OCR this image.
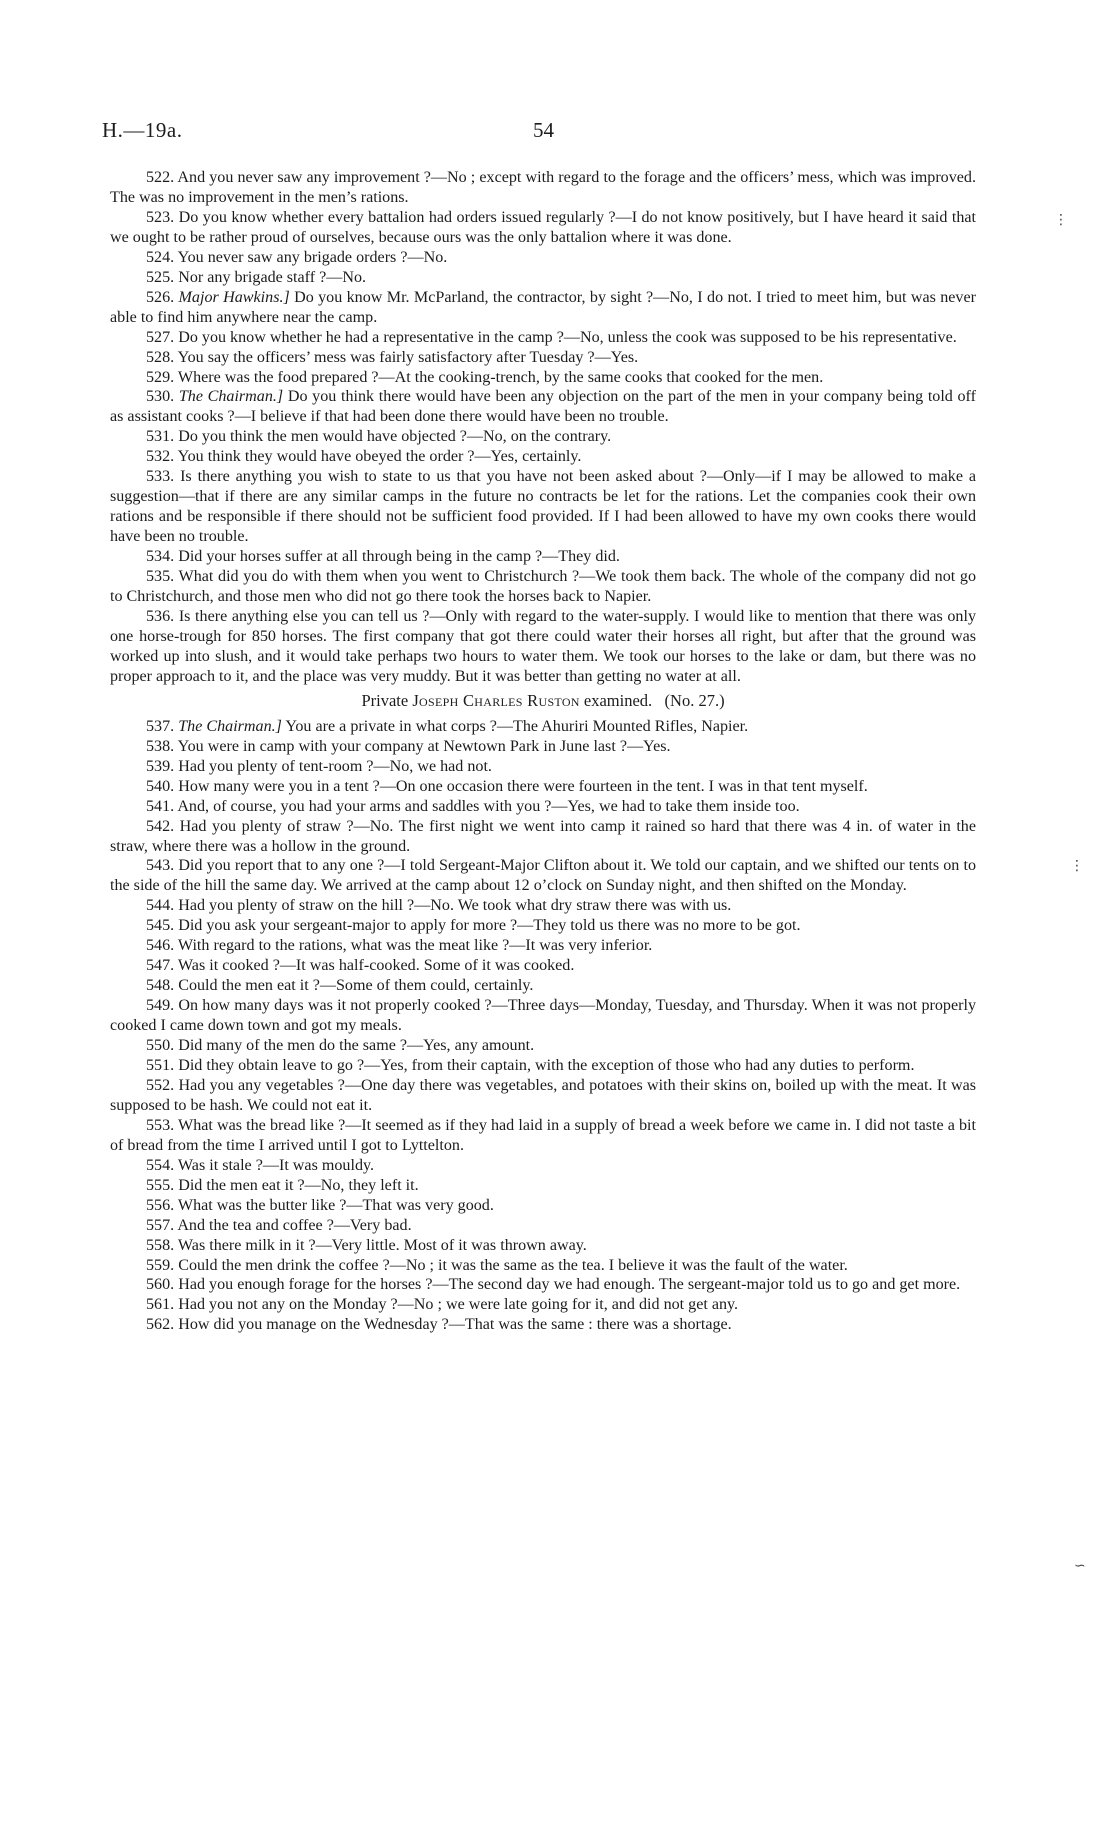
H.—19a.	54

522. And you never saw any improvement ?—No ; except with regard to the forage and the officers’ mess, which was improved. The was no improvement in the men’s rations.

523. Do you know whether every battalion had orders issued regularly ?—I do not know positively, but I have heard it said that we ought to be rather proud of ourselves, because ours was the only battalion where it was done.

524. You never saw any brigade orders ?—No.

525. Nor any brigade staff ?—No.

526. Major Hawkins.] Do you know Mr. McParland, the contractor, by sight ?—No, I do not. I tried to meet him, but was never able to find him anywhere near the camp.

527. Do you know whether he had a representative in the camp ?—No, unless the cook was supposed to be his representative.

528. You say the officers’ mess was fairly satisfactory after Tuesday ?—Yes.

529. Where was the food prepared ?—At the cooking-trench, by the same cooks that cooked for the men.

530. The Chairman.] Do you think there would have been any objection on the part of the men in your company being told off as assistant cooks ?—I believe if that had been done there would have been no trouble.

531. Do you think the men would have objected ?—No, on the contrary.

532. You think they would have obeyed the order ?—Yes, certainly.

533. Is there anything you wish to state to us that you have not been asked about ?—Only—if I may be allowed to make a suggestion—that if there are any similar camps in the future no contracts be let for the rations. Let the companies cook their own rations and be responsible if there should not be sufficient food provided. If I had been allowed to have my own cooks there would have been no trouble.

534. Did your horses suffer at all through being in the camp ?—They did.

535. What did you do with them when you went to Christchurch ?—We took them back. The whole of the company did not go to Christchurch, and those men who did not go there took the horses back to Napier.

536. Is there anything else you can tell us ?—Only with regard to the water-supply. I would like to mention that there was only one horse-trough for 850 horses. The first company that got there could water their horses all right, but after that the ground was worked up into slush, and it would take perhaps two hours to water them. We took our horses to the lake or dam, but there was no proper approach to it, and the place was very muddy. But it was better than getting no water at all.

Private Joseph Charles Ruston examined. (No. 27.)

537. The Chairman.] You are a private in what corps ?—The Ahuriri Mounted Rifles, Napier.

538. You were in camp with your company at Newtown Park in June last ?—Yes.

539. Had you plenty of tent-room ?—No, we had not.

540. How many were you in a tent ?—On one occasion there were fourteen in the tent. I was in that tent myself.

541. And, of course, you had your arms and saddles with you ?—Yes, we had to take them inside too.

542. Had you plenty of straw ?—No. The first night we went into camp it rained so hard that there was 4 in. of water in the straw, where there was a hollow in the ground.

543. Did you report that to any one ?—I told Sergeant-Major Clifton about it. We told our captain, and we shifted our tents on to the side of the hill the same day. We arrived at the camp about 12 o’clock on Sunday night, and then shifted on the Monday.

544. Had you plenty of straw on the hill ?—No. We took what dry straw there was with us.

545. Did you ask your sergeant-major to apply for more ?—They told us there was no more to be got.

546. With regard to the rations, what was the meat like ?—It was very inferior.

547. Was it cooked ?—It was half-cooked. Some of it was cooked.

548. Could the men eat it ?—Some of them could, certainly.

549. On how many days was it not properly cooked ?—Three days—Monday, Tuesday, and Thursday. When it was not properly cooked I came down town and got my meals.

550. Did many of the men do the same ?—Yes, any amount.

551. Did they obtain leave to go ?—Yes, from their captain, with the exception of those who had any duties to perform.

552. Had you any vegetables ?—One day there was vegetables, and potatoes with their skins on, boiled up with the meat. It was supposed to be hash. We could not eat it.

553. What was the bread like ?—It seemed as if they had laid in a supply of bread a week before we came in. I did not taste a bit of bread from the time I arrived until I got to Lyttelton.

554. Was it stale ?—It was mouldy.

555. Did the men eat it ?—No, they left it.

556. What was the butter like ?—That was very good.

557. And the tea and coffee ?—Very bad.

558. Was there milk in it ?—Very little. Most of it was thrown away.

559. Could the men drink the coffee ?—No ; it was the same as the tea. I believe it was the fault of the water.

560. Had you enough forage for the horses ?—The second day we had enough. The sergeant-major told us to go and get more.

561. Had you not any on the Monday ?—No ; we were late going for it, and did not get any.

562. How did you manage on the Wednesday ?—That was the same : there was a shortage.

⋮
⋮
∽
